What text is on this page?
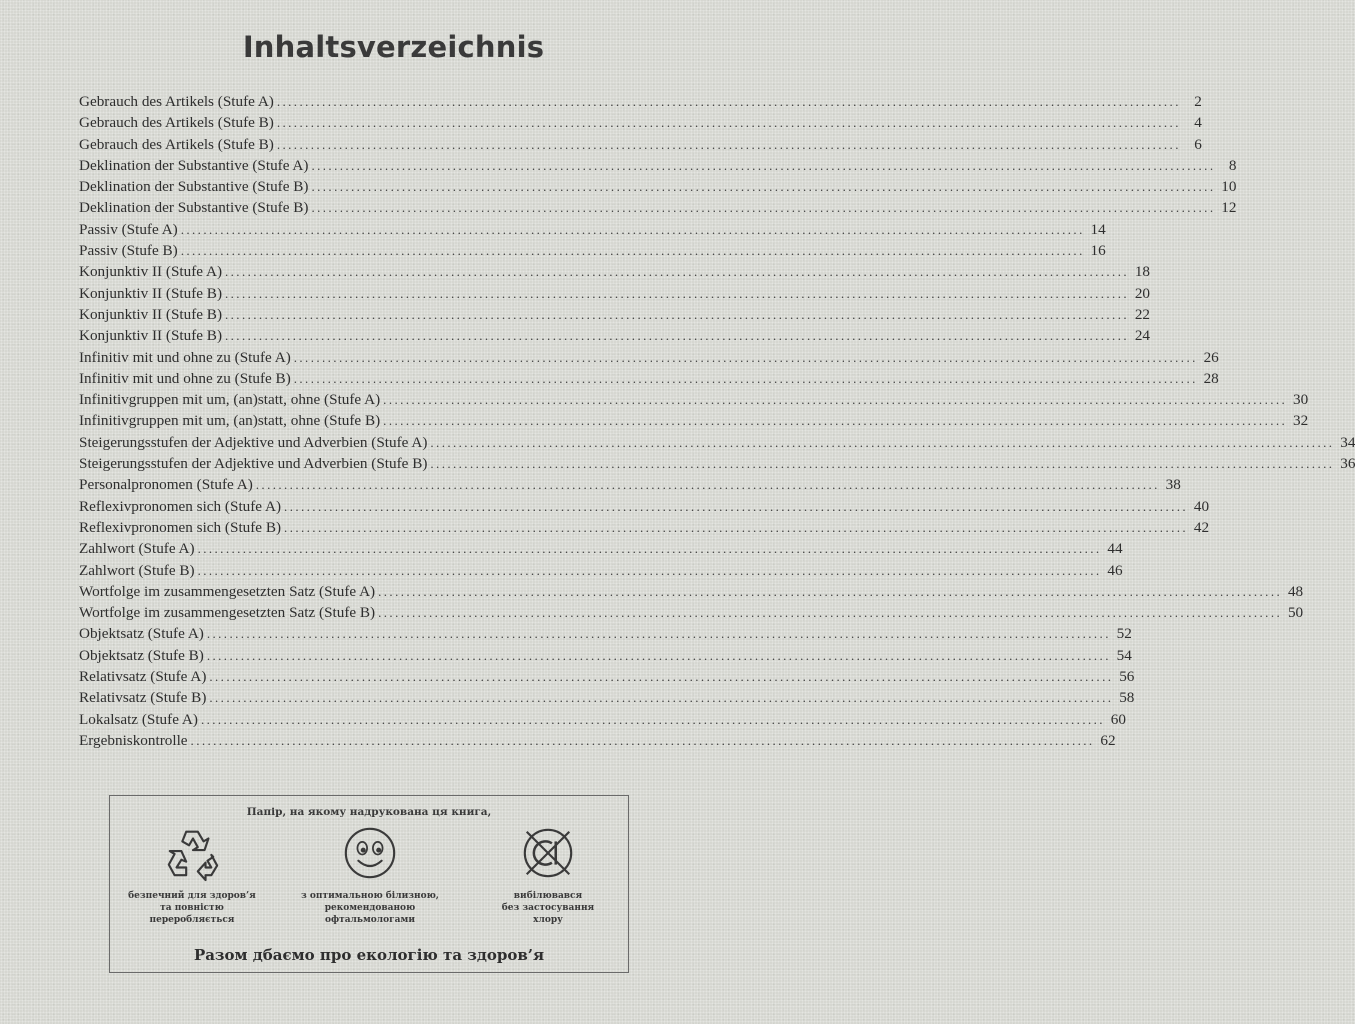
Inhaltsverzeichnis
Gebrauch des Artikels (Stufe A) ................................................................................................................................................................ 2
Gebrauch des Artikels (Stufe B) ................................................................................................................................................................ 4
Gebrauch des Artikels (Stufe B) ................................................................................................................................................................ 6
Deklination der Substantive (Stufe A) ................................................................................................................................................................ 8
Deklination der Substantive (Stufe B) ................................................................................................................................................................ 10
Deklination der Substantive (Stufe B) ................................................................................................................................................................ 12
Passiv (Stufe A) ................................................................................................................................................................ 14
Passiv (Stufe B) ................................................................................................................................................................ 16
Konjunktiv II (Stufe A) ................................................................................................................................................................ 18
Konjunktiv II (Stufe B) ................................................................................................................................................................ 20
Konjunktiv II (Stufe B) ................................................................................................................................................................ 22
Konjunktiv II (Stufe B) ................................................................................................................................................................ 24
Infinitiv mit und ohne zu (Stufe A) ................................................................................................................................................................ 26
Infinitiv mit und ohne zu (Stufe B) ................................................................................................................................................................ 28
Infinitivgruppen mit um, (an)statt, ohne (Stufe A) ................................................................................................................................................................ 30
Infinitivgruppen mit um, (an)statt, ohne (Stufe B) ................................................................................................................................................................ 32
Steigerungsstufen der Adjektive und Adverbien (Stufe A) ................................................................................................................................................................ 34
Steigerungsstufen der Adjektive und Adverbien (Stufe B) ................................................................................................................................................................ 36
Personalpronomen (Stufe A) ................................................................................................................................................................ 38
Reflexivpronomen sich (Stufe A) ................................................................................................................................................................ 40
Reflexivpronomen sich (Stufe B) ................................................................................................................................................................ 42
Zahlwort (Stufe A) ................................................................................................................................................................ 44
Zahlwort (Stufe B) ................................................................................................................................................................ 46
Wortfolge im zusammengesetzten Satz (Stufe A) ................................................................................................................................................................ 48
Wortfolge im zusammengesetzten Satz (Stufe B) ................................................................................................................................................................ 50
Objektsatz (Stufe A) ................................................................................................................................................................ 52
Objektsatz (Stufe B) ................................................................................................................................................................ 54
Relativsatz (Stufe A) ................................................................................................................................................................ 56
Relativsatz (Stufe B) ................................................................................................................................................................ 58
Lokalsatz (Stufe A) ................................................................................................................................................................ 60
Ergebniskontrolle ................................................................................................................................................................ 62
Папір, на якому надрукована ця книга,
безпечний для здоров’я
та повністю
переробляється
з оптимальною білизною,
рекомендованою
офтальмологами
вибілювався
без застосування
хлору
Разом дбаємо про екологію та здоров’я
